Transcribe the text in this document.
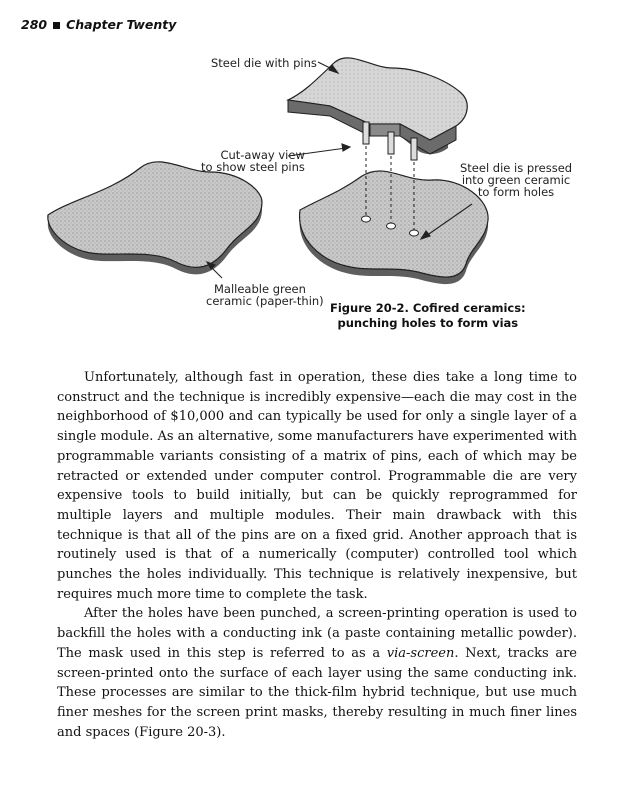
280 Chapter Twenty
Steel die with pins
Cut-away view
to show steel pins	Steel die is pressed
into green ceramic
to form holes
Malleable green
ceramic (paper-thin) Figure 20-2. Cofired ceramics:
punching holes to form vias

Unfortunately, although fast in operation, these dies take a long time to construct and the technique is incredibly expensive—each die may cost in the neighborhood of $10,000 and can typically be used for only a single layer of a single module. As an alternative, some manufacturers have experimented with programmable variants consisting of a matrix of pins, each of which may be retracted or extended under computer control. Programmable die are very expensive tools to build initially, but can be quickly reprogrammed for multiple layers and multiple modules. Their main drawback with this technique is that all of the pins are on a fixed grid. Another approach that is routinely used is that of a numerically (computer) controlled tool which punches the holes individually. This technique is relatively inexpensive, but requires much more time to complete the task.

After the holes have been punched, a screen-printing operation is used to backfill the holes with a conducting ink (a paste containing metallic powder). The mask used in this step is referred to as a via-screen. Next, tracks are screen-printed onto the surface of each layer using the same conducting ink. These processes are similar to the thick-film hybrid technique, but use much finer meshes for the screen print masks, thereby resulting in much finer lines and spaces (Figure 20-3).
